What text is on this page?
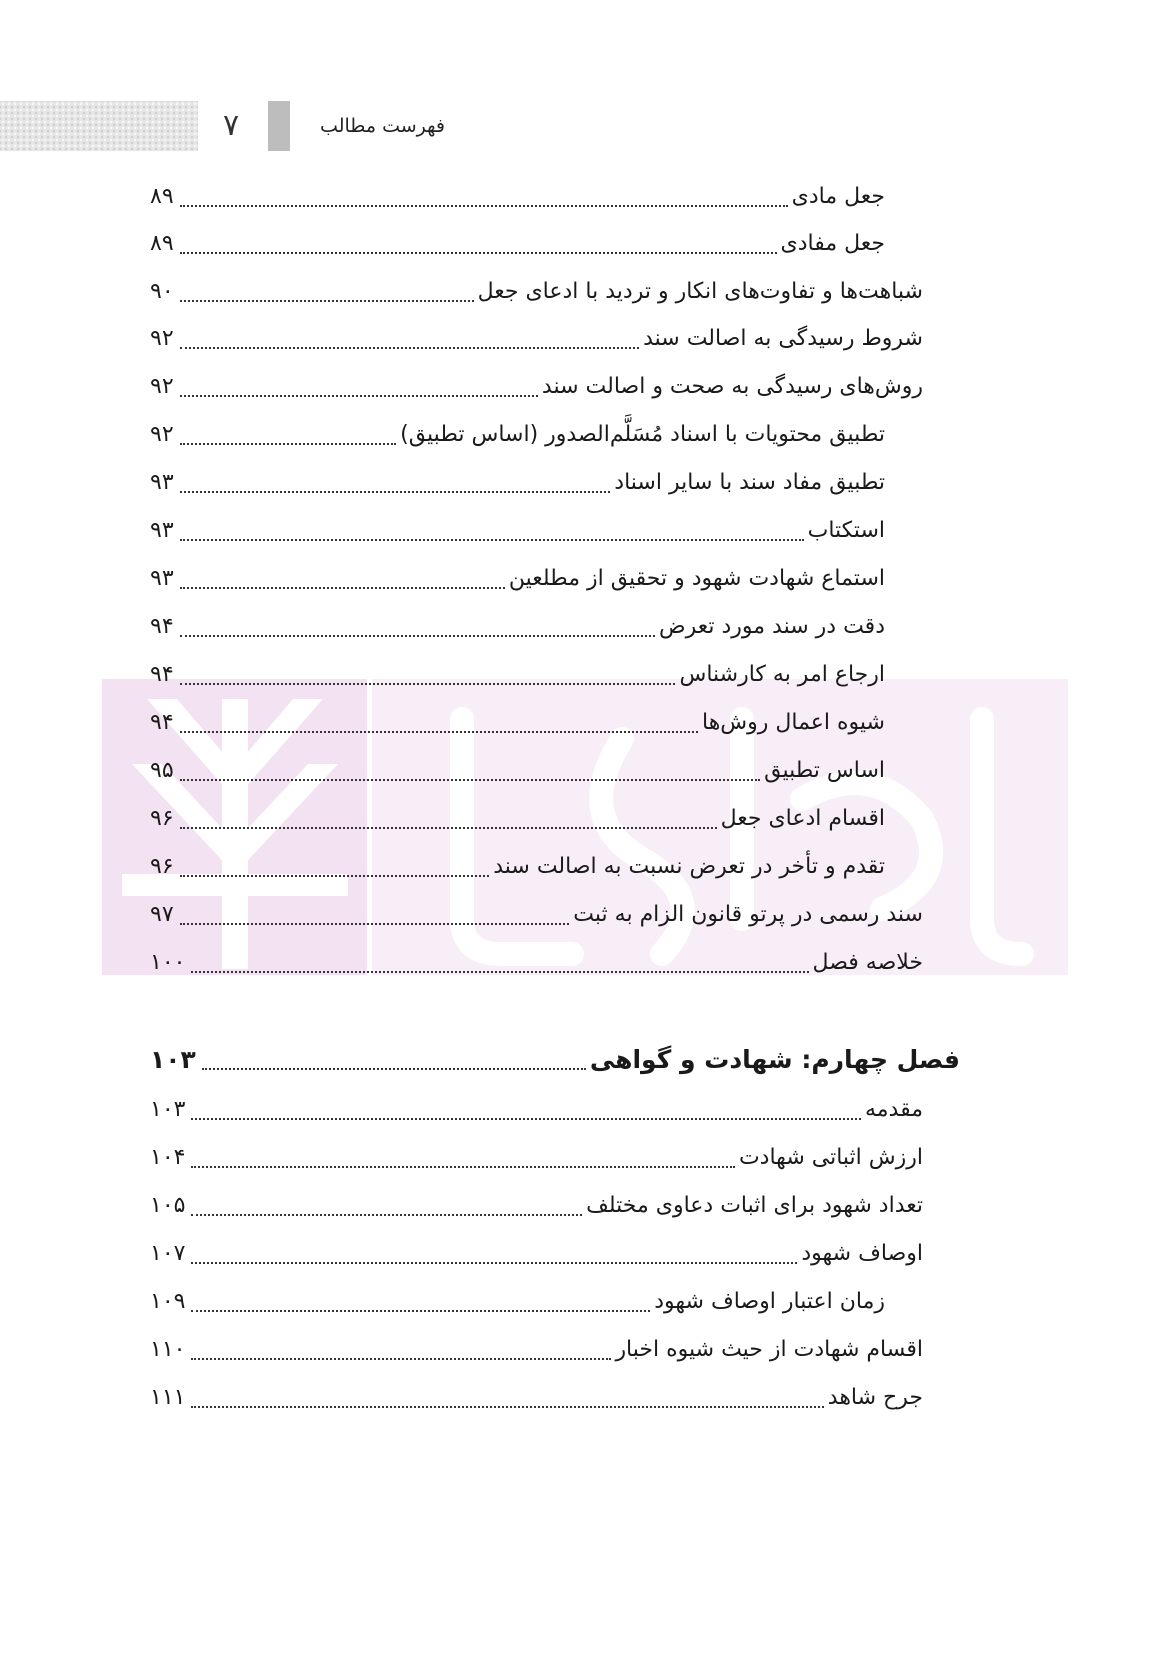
۷	فهرست مطالب
۸۹	جعل مادی
۸۹	جعل مفادی
۹۰	شباهت‌ها و تفاوت‌های انکار و تردید با ادعای جعل
۹۲	شروط رسیدگی به اصالت سند
۹۲	روش‌های رسیدگی به صحت و اصالت سند
۹۲	تطبیق محتویات با اسناد مُسَلَّم‌الصدور (اساس تطبیق)
۹۳	تطبیق مفاد سند با سایر اسناد
۹۳	استکتاب
۹۳	استماع شهادت شهود و تحقیق از مطلعین
۹۴	دقت در سند مورد تعرض
۹۴	ارجاع امر به کارشناس
۹۴	شیوه اعمال روش‌ها
۹۵	اساس تطبیق
۹۶	اقسام ادعای جعل
۹۶	تقدم و تأخر در تعرض نسبت به اصالت سند
۹۷	سند رسمی در پرتو قانون الزام به ثبت
۱۰۰	خلاصه فصل
۱۰۳	فصل چهارم: شهادت و گواهی
۱۰۳	مقدمه
۱۰۴	ارزش اثباتی شهادت
۱۰۵	تعداد شهود برای اثبات دعاوی مختلف
۱۰۷	اوصاف شهود
۱۰۹	زمان اعتبار اوصاف شهود
۱۱۰	اقسام شهادت از حیث شیوه اخبار
۱۱۱	جرح شاهد
